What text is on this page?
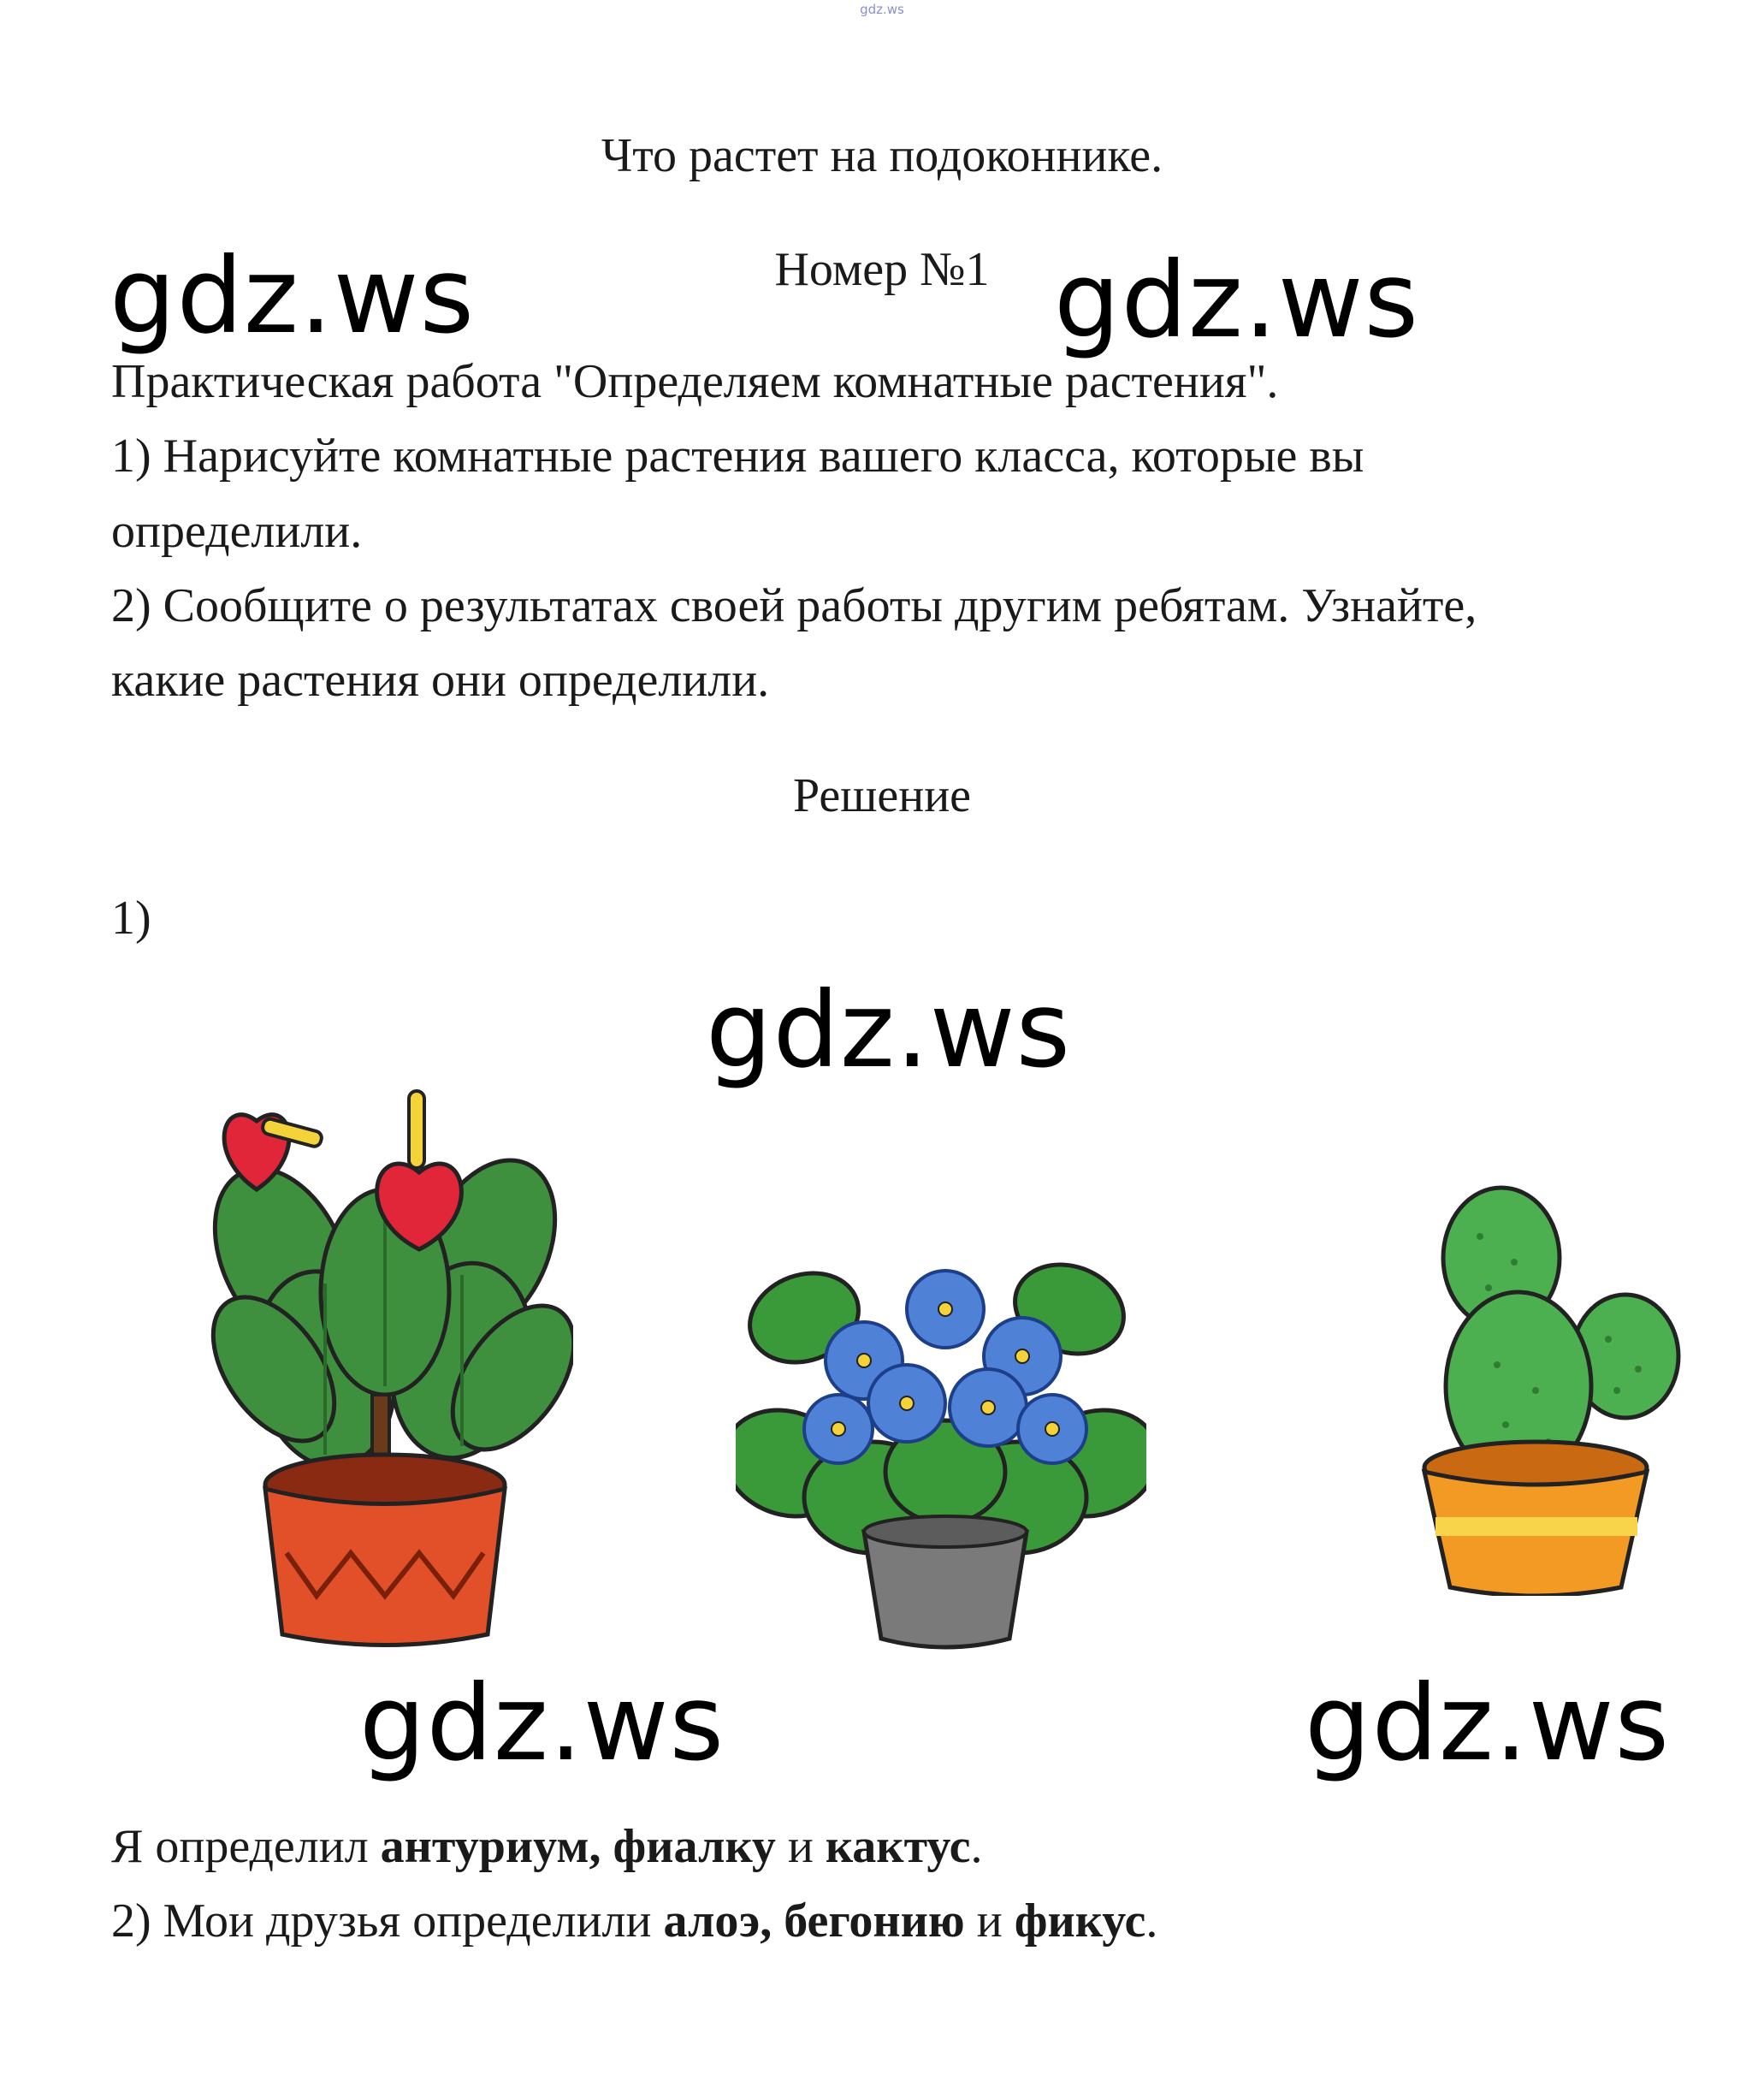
gdz.ws
Что растет на подоконнике.
Номер №1
gdz.ws	gdz.ws
gdz.ws
gdz.ws	gdz.ws
Практическая работа "Определяем комнатные растения".
1) Нарисуйте комнатные растения вашего класса, которые вы
определили.
2) Сообщите о результатах своей работы другим ребятам. Узнайте,
какие растения они определили.
Решение
1)
Я определил антуриум, фиалку и кактус.
2) Мои друзья определили алоэ, бегонию и фикус.
